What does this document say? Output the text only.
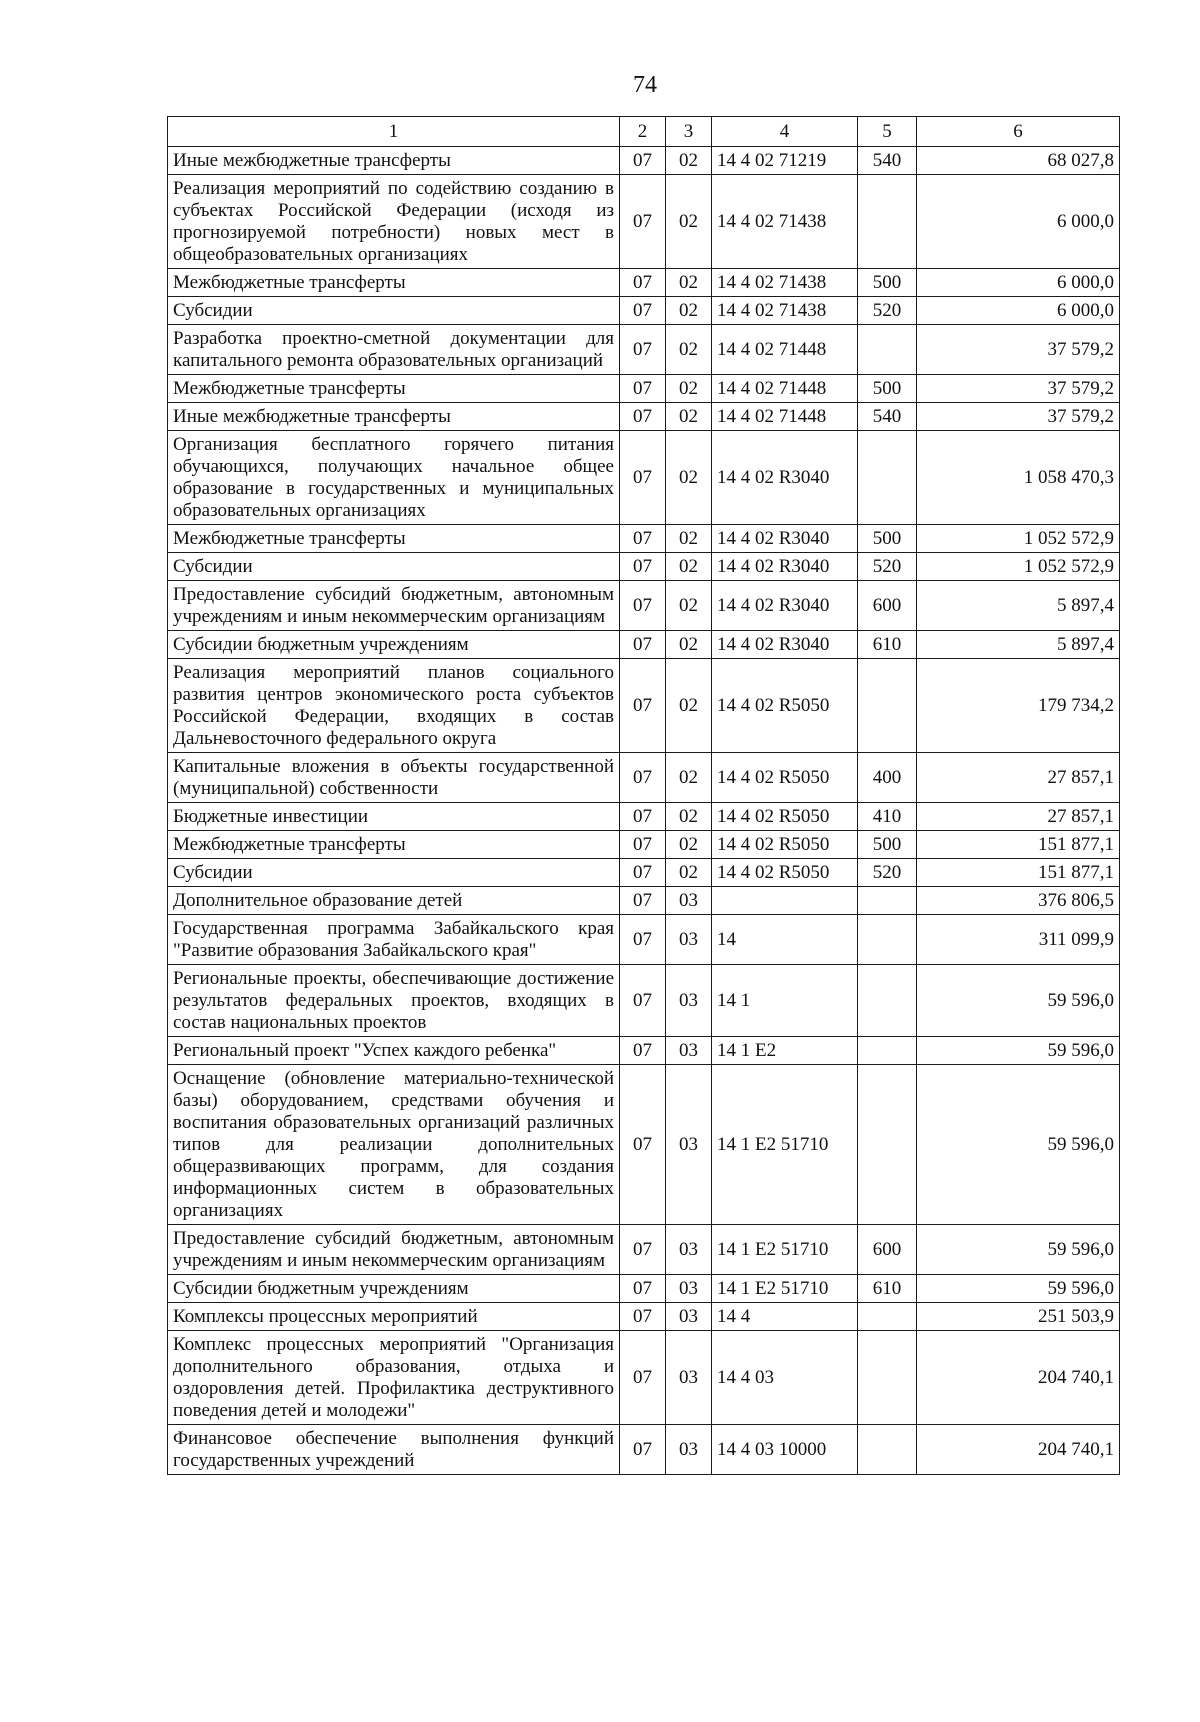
74
1	2	3	4	5	6
Иные межбюджетные трансферты	07	02	14 4 02 71219	540	68 027,8
Реализация мероприятий по содействию созданию в субъектах Российской Федерации (исходя из прогнозируемой потребности) новых мест в общеобразовательных организациях	07	02	14 4 02 71438		6 000,0
Межбюджетные трансферты	07	02	14 4 02 71438	500	6 000,0
Субсидии	07	02	14 4 02 71438	520	6 000,0
Разработка проектно-сметной документации для капитального ремонта образовательных организаций	07	02	14 4 02 71448		37 579,2
Межбюджетные трансферты	07	02	14 4 02 71448	500	37 579,2
Иные межбюджетные трансферты	07	02	14 4 02 71448	540	37 579,2
Организация бесплатного горячего питания обучающихся, получающих начальное общее образование в государственных и муниципальных образовательных организациях	07	02	14 4 02 R3040		1 058 470,3
Межбюджетные трансферты	07	02	14 4 02 R3040	500	1 052 572,9
Субсидии	07	02	14 4 02 R3040	520	1 052 572,9
Предоставление субсидий бюджетным, автономным учреждениям и иным некоммерческим организациям	07	02	14 4 02 R3040	600	5 897,4
Субсидии бюджетным учреждениям	07	02	14 4 02 R3040	610	5 897,4
Реализация мероприятий планов социального развития центров экономического роста субъектов Российской Федерации, входящих в состав Дальневосточного федерального округа	07	02	14 4 02 R5050		179 734,2
Капитальные вложения в объекты государственной (муниципальной) собственности	07	02	14 4 02 R5050	400	27 857,1
Бюджетные инвестиции	07	02	14 4 02 R5050	410	27 857,1
Межбюджетные трансферты	07	02	14 4 02 R5050	500	151 877,1
Субсидии	07	02	14 4 02 R5050	520	151 877,1
Дополнительное образование детей	07	03			376 806,5
Государственная программа Забайкальского края "Развитие образования Забайкальского края"	07	03	14		311 099,9
Региональные проекты, обеспечивающие достижение результатов федеральных проектов, входящих в состав национальных проектов	07	03	14 1		59 596,0
Региональный проект "Успех каждого ребенка"	07	03	14 1 E2		59 596,0
Оснащение (обновление материально-технической базы) оборудованием, средствами обучения и воспитания образовательных организаций различных типов для реализации дополнительных общеразвивающих программ, для создания информационных систем в образовательных организациях	07	03	14 1 E2 51710		59 596,0
Предоставление субсидий бюджетным, автономным учреждениям и иным некоммерческим организациям	07	03	14 1 E2 51710	600	59 596,0
Субсидии бюджетным учреждениям	07	03	14 1 E2 51710	610	59 596,0
Комплексы процессных мероприятий	07	03	14 4		251 503,9
Комплекс процессных мероприятий "Организация дополнительного образования, отдыха и оздоровления детей. Профилактика деструктивного поведения детей и молодежи"	07	03	14 4 03		204 740,1
Финансовое обеспечение выполнения функций государственных учреждений	07	03	14 4 03 10000		204 740,1
